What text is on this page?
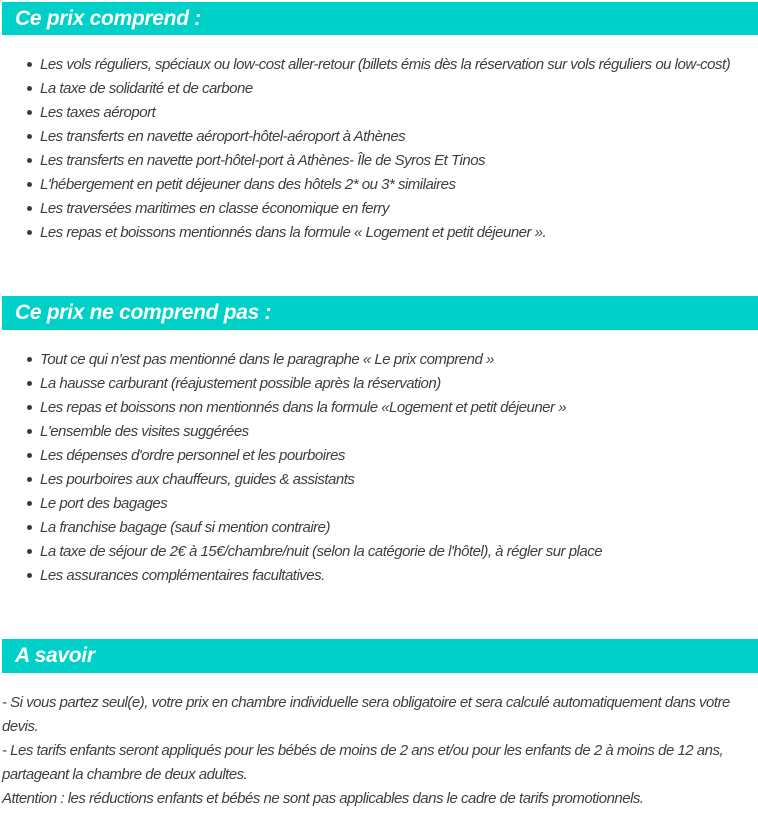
Ce prix comprend :
Les vols réguliers, spéciaux ou low-cost aller-retour (billets émis dès la réservation sur vols réguliers ou low-cost)
La taxe de solidarité et de carbone
Les taxes aéroport
Les transferts en navette aéroport-hôtel-aéroport à Athènes
Les transferts en navette port-hôtel-port à Athènes- Île de Syros Et Tinos
L'hébergement en petit déjeuner dans des hôtels 2* ou 3* similaires
Les traversées maritimes en classe économique en ferry
Les repas et boissons mentionnés dans la formule « Logement et petit déjeuner ».
Ce prix ne comprend pas :
Tout ce qui n'est pas mentionné dans le paragraphe « Le prix comprend »
La hausse carburant (réajustement possible après la réservation)
Les repas et boissons non mentionnés dans la formule «Logement et petit déjeuner »
L'ensemble des visites suggérées
Les dépenses d'ordre personnel et les pourboires
Les pourboires aux chauffeurs, guides & assistants
Le port des bagages
La franchise bagage (sauf si mention contraire)
La taxe de séjour de 2€ à 15€/chambre/nuit (selon la catégorie de l'hôtel), à régler sur place
Les assurances complémentaires facultatives.
A savoir

- Si vous partez seul(e), votre prix en chambre individuelle sera obligatoire et sera calculé automatiquement dans votre devis.

- Les tarifs enfants seront appliqués pour les bébés de moins de 2 ans et/ou pour les enfants de 2 à moins de 12 ans, partageant la chambre de deux adultes.

Attention : les réductions enfants et bébés ne sont pas applicables dans le cadre de tarifs promotionnels.
